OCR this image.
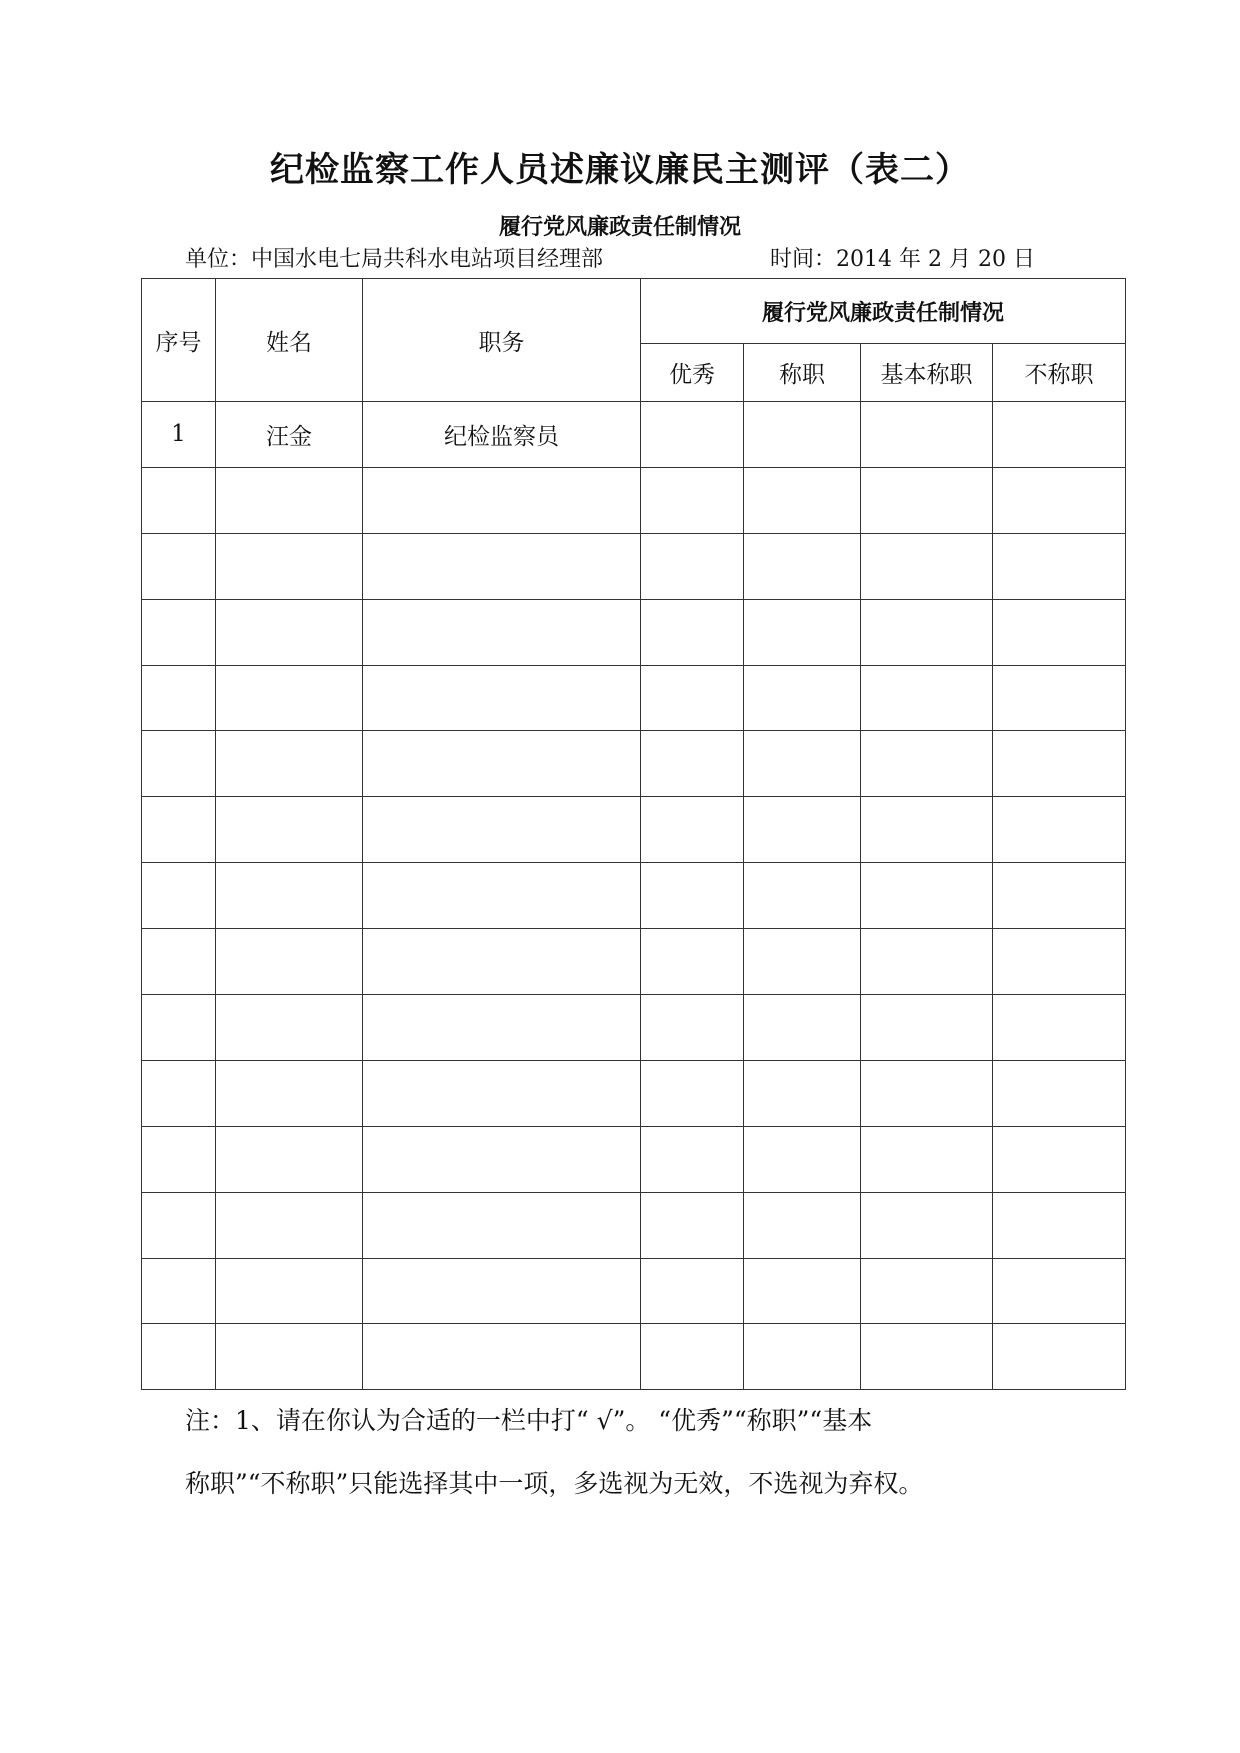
纪检监察工作人员述廉议廉民主测评（表二）
履行党风廉政责任制情况
单位：中国水电七局共科水电站项目经理部	时间：2014 年 2 月 20 日
序号	姓名	职务	履行党风廉政责任制情况			
			优秀	称职	基本称职	不称职
1	汪金	纪检监察员				

注：1、请在你认为合适的一栏中打“ √”。 “优秀”“称职”“基本
称职”“不称职”只能选择其中一项，多选视为无效，不选视为弃权。
